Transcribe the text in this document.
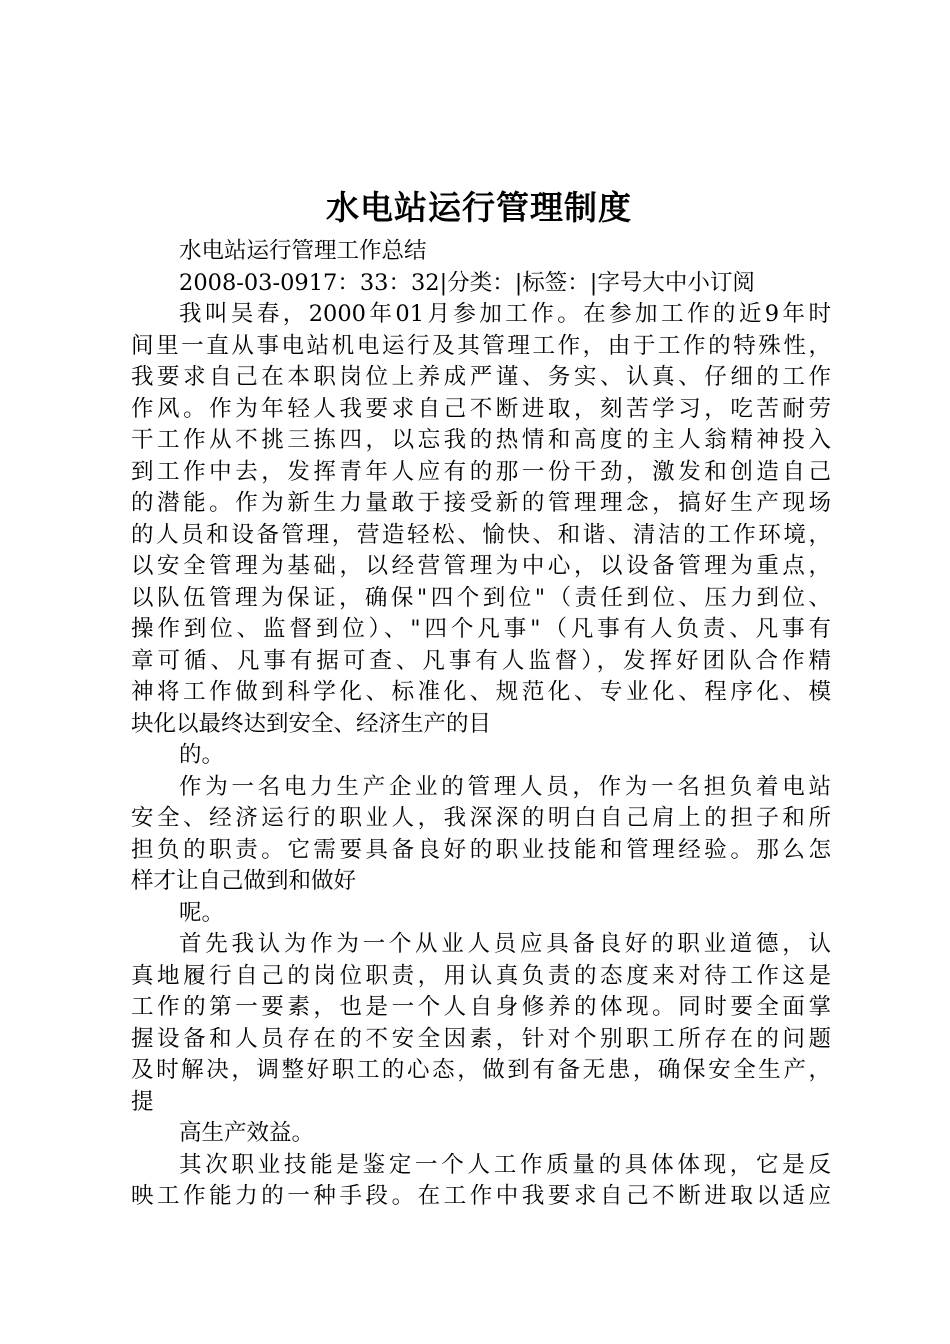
水电站运行管理制度
水电站运行管理工作总结
2008-03-0917：33：32|分类：|标签：|字号大中小订阅
我叫吴春，2000年01月参加工作。在参加工作的近9年时
间里一直从事电站机电运行及其管理工作，由于工作的特殊性，
我要求自己在本职岗位上养成严谨、务实、认真、仔细的工作
作风。作为年轻人我要求自己不断进取，刻苦学习，吃苦耐劳
干工作从不挑三拣四，以忘我的热情和高度的主人翁精神投入
到工作中去，发挥青年人应有的那一份干劲，激发和创造自己
的潜能。作为新生力量敢于接受新的管理理念，搞好生产现场
的人员和设备管理，营造轻松、愉快、和谐、清洁的工作环境，
以安全管理为基础，以经营管理为中心，以设备管理为重点，
以队伍管理为保证，确保"四个到位"（责任到位、压力到位、
操作到位、监督到位）、"四个凡事"（凡事有人负责、凡事有
章可循、凡事有据可查、凡事有人监督），发挥好团队合作精
神将工作做到科学化、标准化、规范化、专业化、程序化、模
块化以最终达到安全、经济生产的目
的。
作为一名电力生产企业的管理人员，作为一名担负着电站
安全、经济运行的职业人，我深深的明白自己肩上的担子和所
担负的职责。它需要具备良好的职业技能和管理经验。那么怎
样才让自己做到和做好
呢。
首先我认为作为一个从业人员应具备良好的职业道德，认
真地履行自己的岗位职责，用认真负责的态度来对待工作这是
工作的第一要素，也是一个人自身修养的体现。同时要全面掌
握设备和人员存在的不安全因素，针对个别职工所存在的问题
及时解决，调整好职工的心态，做到有备无患，确保安全生产，
提
高生产效益。
其次职业技能是鉴定一个人工作质量的具体体现，它是反
映工作能力的一种手段。在工作中我要求自己不断进取以适应
